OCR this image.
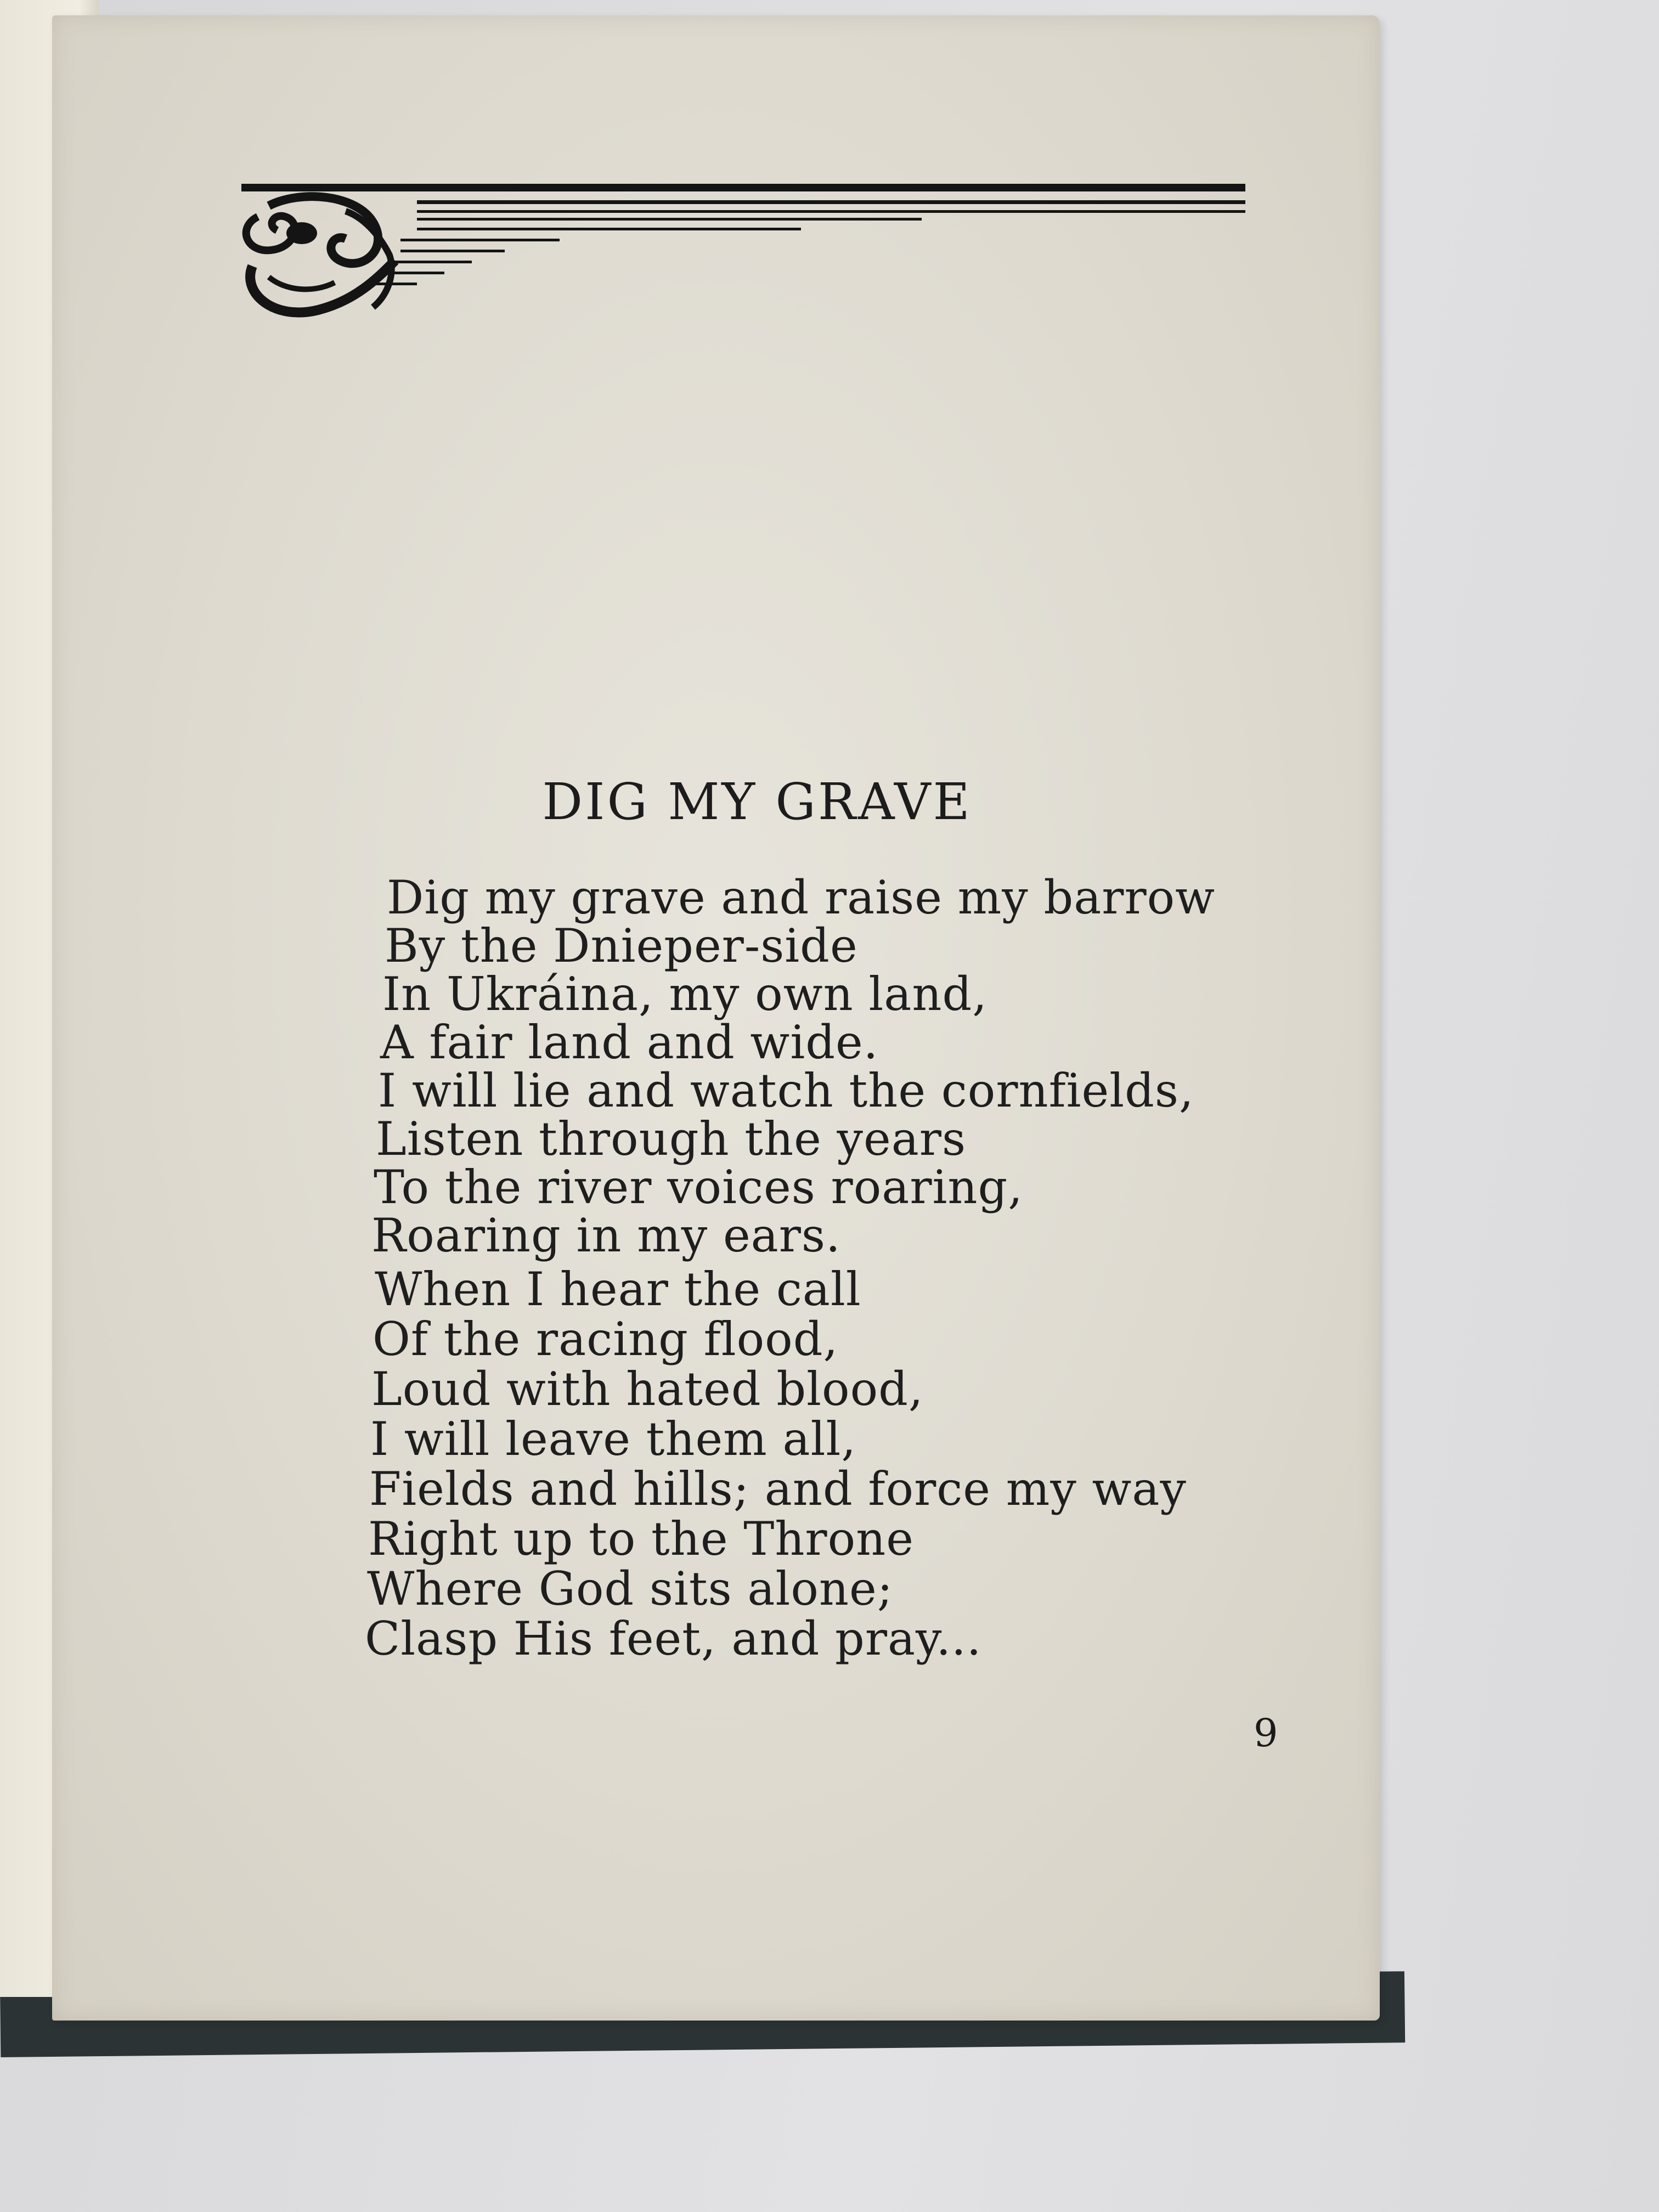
DIG MY GRAVE
Dig my grave and raise my barrow
By the Dnieper-side
In Ukráina, my own land,
A fair land and wide.
I will lie and watch the cornfields,
Listen through the years
To the river voices roaring,
Roaring in my ears.
When I hear the call
Of the racing flood,
Loud with hated blood,
I will leave them all,
Fields and hills; and force my way
Right up to the Throne
Where God sits alone;
Clasp His feet, and pray...
9
